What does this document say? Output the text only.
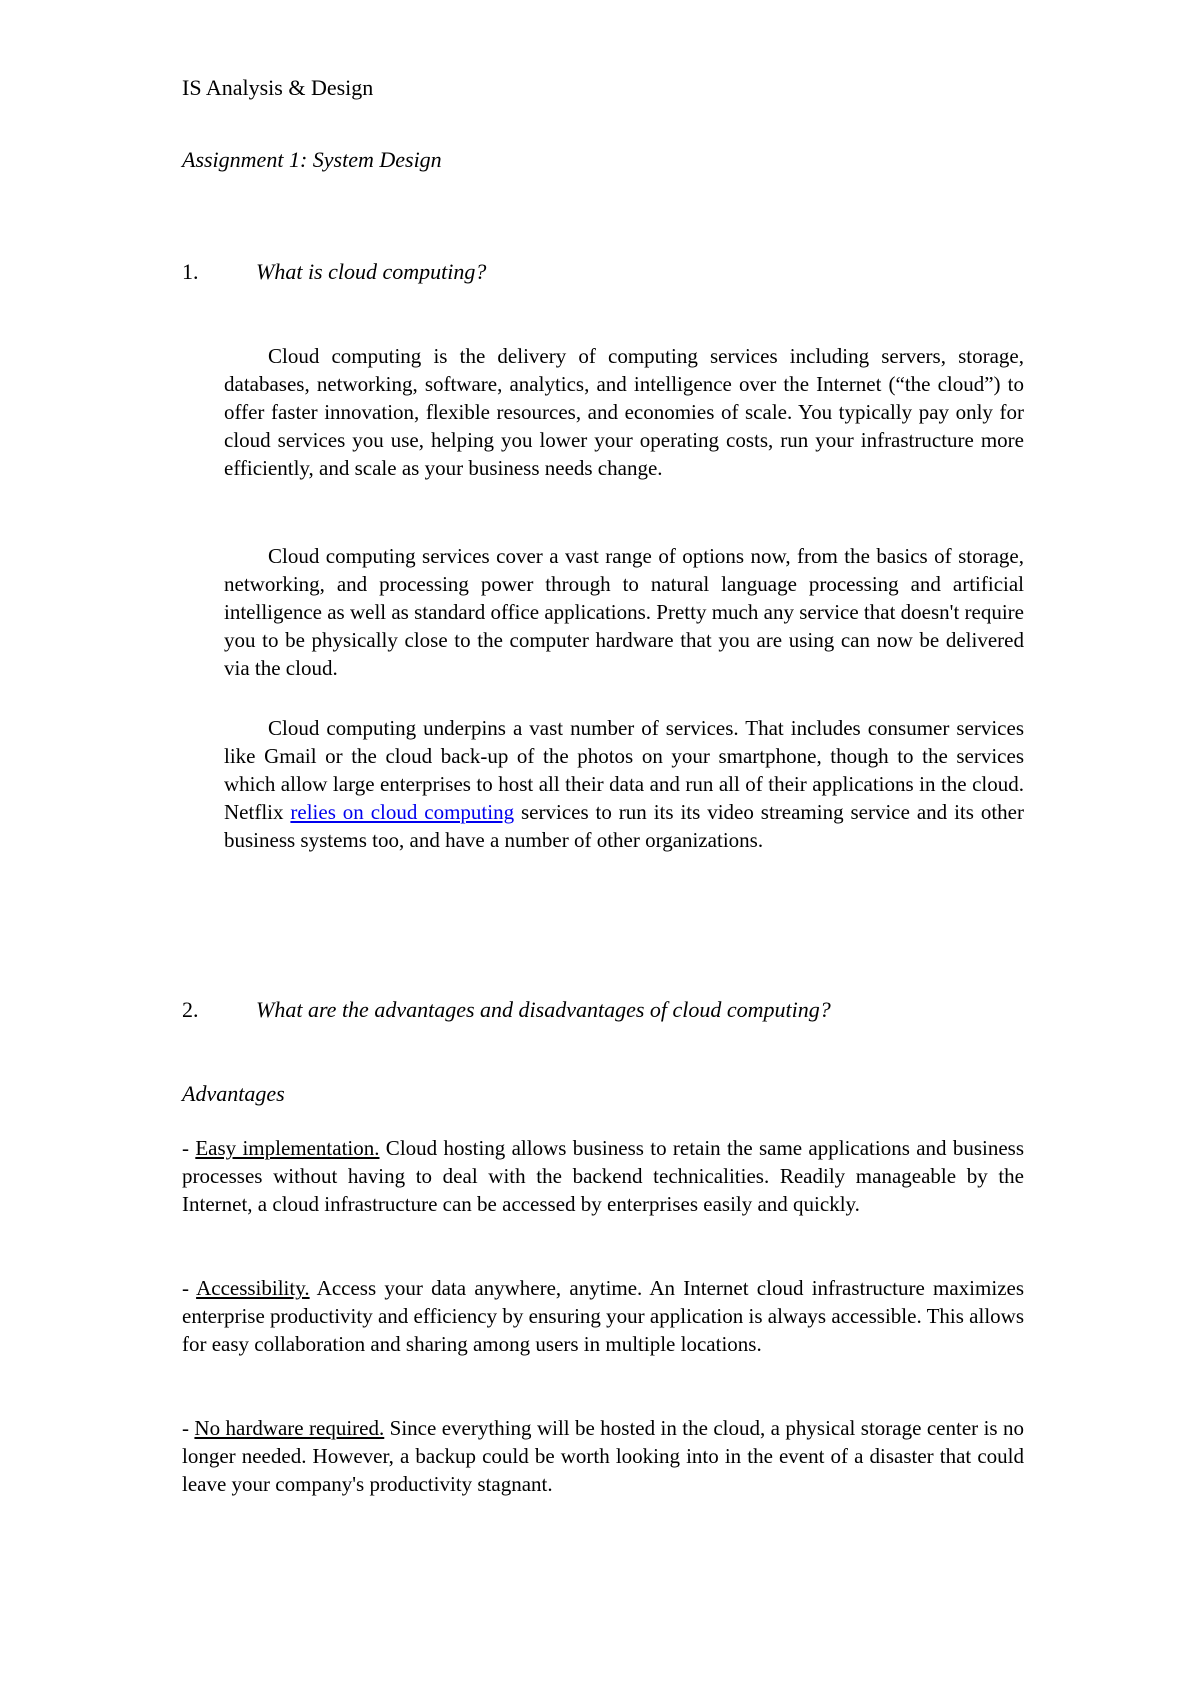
IS Analysis & Design
Assignment 1: System Design
1.	What is cloud computing?

Cloud computing is the delivery of computing services including servers, storage, databases, networking, software, analytics, and intelligence over the Internet (“the cloud”) to offer faster innovation, flexible resources, and economies of scale. You typically pay only for cloud services you use, helping you lower your operating costs, run your infrastructure more efficiently, and scale as your business needs change.

Cloud computing services cover a vast range of options now, from the basics of storage, networking, and processing power through to natural language processing and artificial intelligence as well as standard office applications. Pretty much any service that doesn't require you to be physically close to the computer hardware that you are using can now be delivered via the cloud.

Cloud computing underpins a vast number of services. That includes consumer services like Gmail or the cloud back-up of the photos on your smartphone, though to the services which allow large enterprises to host all their data and run all of their applications in the cloud. Netflix relies on cloud computing services to run its its video streaming service and its other business systems too, and have a number of other organizations.

2.	What are the advantages and disadvantages of cloud computing?
Advantages

- Easy implementation. Cloud hosting allows business to retain the same applications and business processes without having to deal with the backend technicalities. Readily manageable by the Internet, a cloud infrastructure can be accessed by enterprises easily and quickly.

- Accessibility. Access your data anywhere, anytime. An Internet cloud infrastructure maximizes enterprise productivity and efficiency by ensuring your application is always accessible. This allows for easy collaboration and sharing among users in multiple locations.

- No hardware required. Since everything will be hosted in the cloud, a physical storage center is no longer needed. However, a backup could be worth looking into in the event of a disaster that could leave your company's productivity stagnant.
